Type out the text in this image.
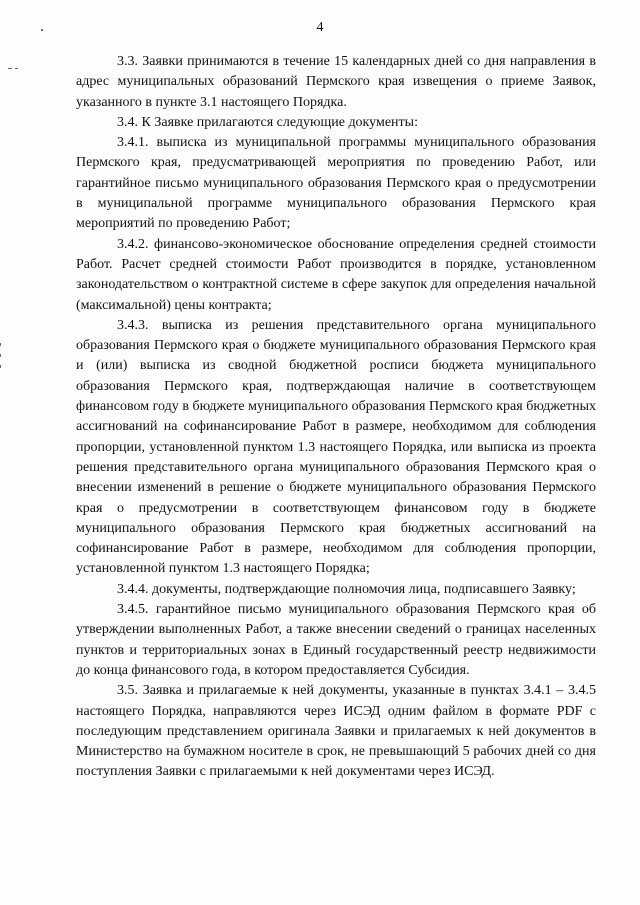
4

3.3. Заявки принимаются в течение 15 календарных дней со дня направления в адрес муниципальных образований Пермского края извещения о приеме Заявок, указанного в пункте 3.1 настоящего Порядка.

3.4. К Заявке прилагаются следующие документы:

3.4.1. выписка из муниципальной программы муниципального образования Пермского края, предусматривающей мероприятия по проведению Работ, или гарантийное письмо муниципального образования Пермского края о предусмотрении в муниципальной программе муниципального образования Пермского края мероприятий по проведению Работ;

3.4.2. финансово-экономическое обоснование определения средней стоимости Работ. Расчет средней стоимости Работ производится в порядке, установленном законодательством о контрактной системе в сфере закупок для определения начальной (максимальной) цены контракта;

3.4.3. выписка из решения представительного органа муниципального образования Пермского края о бюджете муниципального образования Пермского края и (или) выписка из сводной бюджетной росписи бюджета муниципального образования Пермского края, подтверждающая наличие в соответствующем финансовом году в бюджете муниципального образования Пермского края бюджетных ассигнований на софинансирование Работ в размере, необходимом для соблюдения пропорции, установленной пунктом 1.3 настоящего Порядка, или выписка из проекта решения представительного органа муниципального образования Пермского края о внесении изменений в решение о бюджете муниципального образования Пермского края о предусмотрении в соответствующем финансовом году в бюджете муниципального образования Пермского края бюджетных ассигнований на софинансирование Работ в размере, необходимом для соблюдения пропорции, установленной пунктом 1.3 настоящего Порядка;

3.4.4. документы, подтверждающие полномочия лица, подписавшего Заявку;

3.4.5. гарантийное письмо муниципального образования Пермского края об утверждении выполненных Работ, а также внесении сведений о границах населенных пунктов и территориальных зонах в Единый государственный реестр недвижимости до конца финансового года, в котором предоставляется Субсидия.

3.5. Заявка и прилагаемые к ней документы, указанные в пунктах 3.4.1 – 3.4.5 настоящего Порядка, направляются через ИСЭД одним файлом в формате PDF с последующим представлением оригинала Заявки и прилагаемых к ней документов в Министерство на бумажном носителе в срок, не превышающий 5 рабочих дней со дня поступления Заявки с прилагаемыми к ней документами через ИСЭД.
